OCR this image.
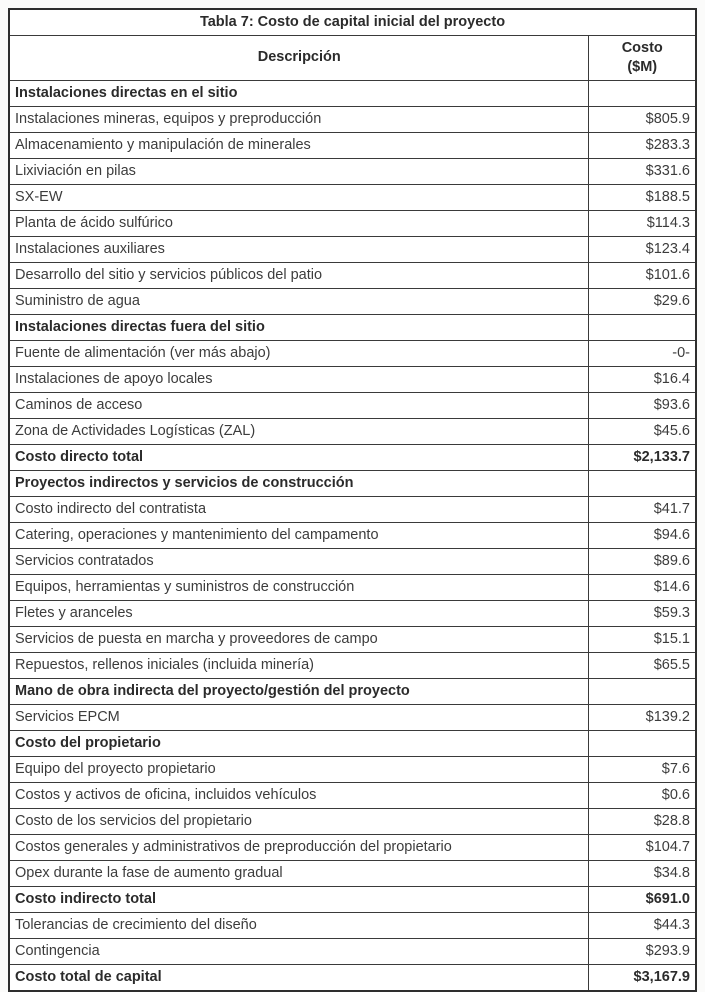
Tabla 7: Costo de capital inicial del proyecto	
Descripción	Costo
($M)

Instalaciones directas en el sitio	
Instalaciones mineras, equipos y preproducción	$805.9
Almacenamiento y manipulación de minerales	$283.3
Lixiviación en pilas	$331.6
SX-EW	$188.5
Planta de ácido sulfúrico	$114.3
Instalaciones auxiliares	$123.4
Desarrollo del sitio y servicios públicos del patio	$101.6
Suministro de agua	$29.6
Instalaciones directas fuera del sitio	
Fuente de alimentación (ver más abajo)	-0-
Instalaciones de apoyo locales	$16.4
Caminos de acceso	$93.6
Zona de Actividades Logísticas (ZAL)	$45.6
Costo directo total	$2,133.7
Proyectos indirectos y servicios de construcción	
Costo indirecto del contratista	$41.7
Catering, operaciones y mantenimiento del campamento	$94.6
Servicios contratados	$89.6
Equipos, herramientas y suministros de construcción	$14.6
Fletes y aranceles	$59.3
Servicios de puesta en marcha y proveedores de campo	$15.1
Repuestos, rellenos iniciales (incluida minería)	$65.5
Mano de obra indirecta del proyecto/gestión del proyecto	
Servicios EPCM	$139.2
Costo del propietario	
Equipo del proyecto propietario	$7.6
Costos y activos de oficina, incluidos vehículos	$0.6
Costo de los servicios del propietario	$28.8
Costos generales y administrativos de preproducción del propietario	$104.7
Opex durante la fase de aumento gradual	$34.8
Costo indirecto total	$691.0
Tolerancias de crecimiento del diseño	$44.3
Contingencia	$293.9
Costo total de capital	$3,167.9
